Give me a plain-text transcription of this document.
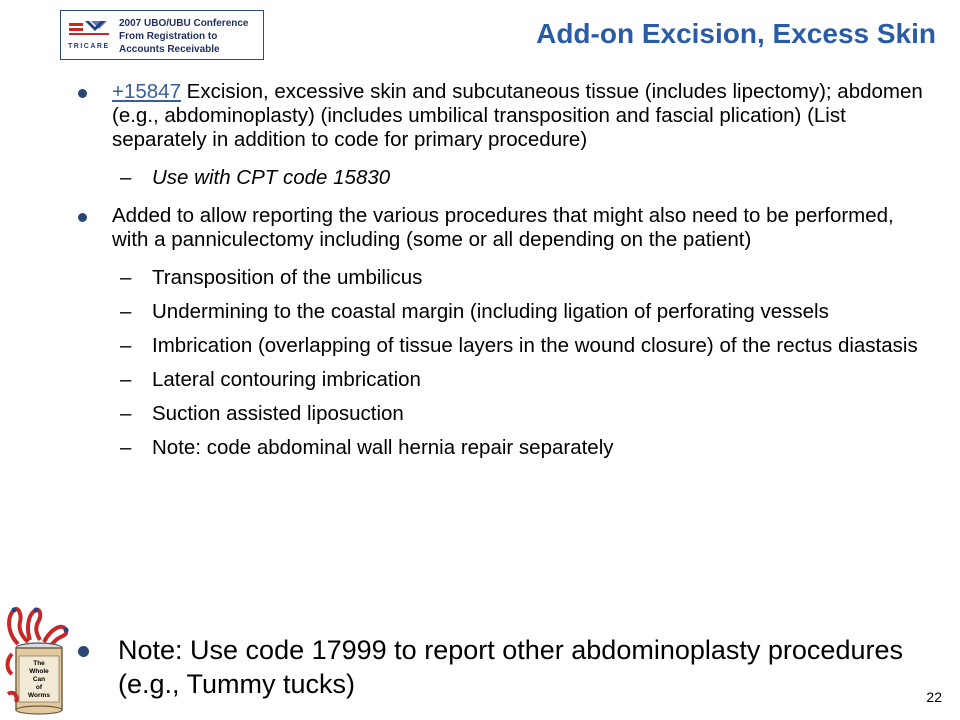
TRICARE
2007 UBO/UBU Conference
From Registration to
Accounts Receivable
Add-on Excision, Excess Skin
+15847 Excision, excessive skin and subcutaneous tissue (includes lipectomy); abdomen (e.g., abdominoplasty) (includes umbilical transposition and fascial plication) (List separately in addition to code for primary procedure)
– Use with CPT code 15830
Added to allow reporting the various procedures that might also need to be performed, with a panniculectomy including (some or all depending on the patient)
– Transposition of the umbilicus
– Undermining to the coastal margin (including ligation of perforating vessels
– Imbrication (overlapping of tissue layers in the wound closure) of the rectus diastasis
– Lateral contouring imbrication
– Suction assisted liposuction
– Note: code abdominal wall hernia repair separately
The
Whole
Can
of
Worms
Note: Use code 17999 to report other abdominoplasty procedures (e.g., Tummy tucks)	22
